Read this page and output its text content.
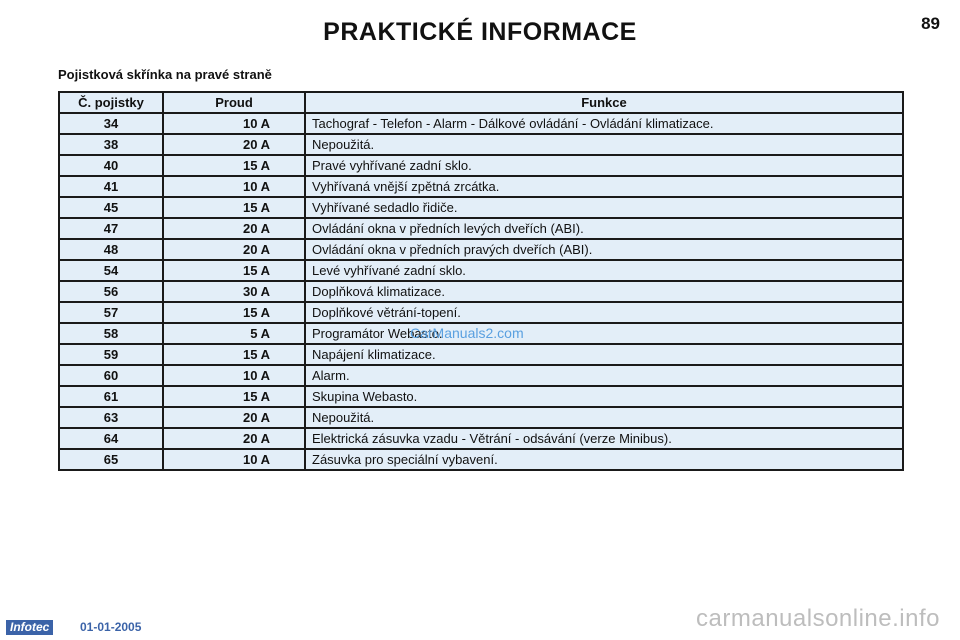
PRAKTICKÉ INFORMACE	89
Pojistková skřínka na pravé straně
Č. pojistky	Proud	Funkce
34	10 A	Tachograf - Telefon - Alarm - Dálkové ovládání - Ovládání klimatizace.
38	20 A	Nepoužitá.
40	15 A	Pravé vyhřívané zadní sklo.
41	10 A	Vyhřívaná vnější zpětná zrcátka.
45	15 A	Vyhřívané sedadlo řidiče.
47	20 A	Ovládání okna v předních levých dveřích (ABI).
48	20 A	Ovládání okna v předních pravých dveřích (ABI).
54	15 A	Levé vyhřívané zadní sklo.
56	30 A	Doplňková klimatizace.
57	15 A	Doplňkové větrání-topení.
58	5 A	Programátor Webasto.
59	15 A	Napájení klimatizace.
60	10 A	Alarm.
61	15 A	Skupina Webasto.
63	20 A	Nepoužitá.
64	20 A	Elektrická zásuvka vzadu - Větrání - odsávání (verze Minibus).
65	10 A	Zásuvka pro speciální vybavení.
CarManuals2.com
Infotec	01-01-2005	carmanualsonline.info
